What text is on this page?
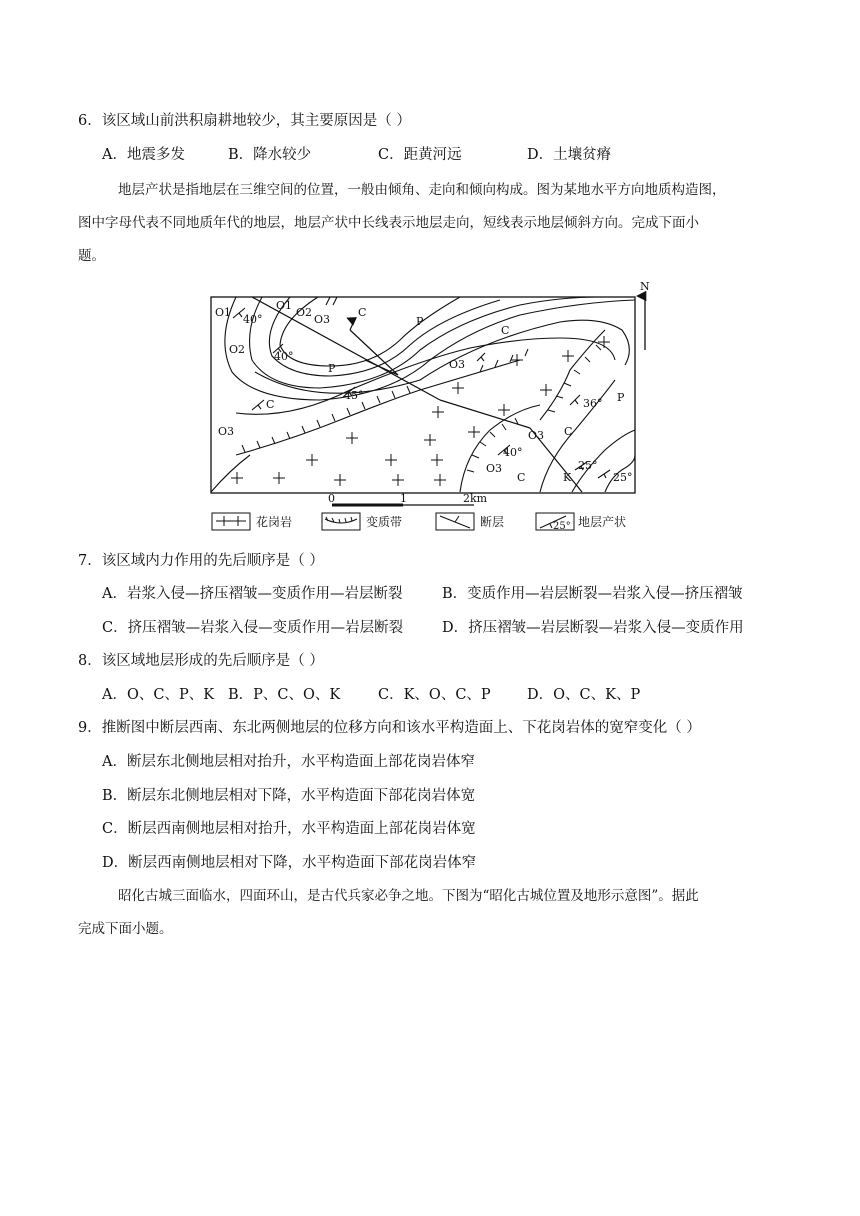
6．该区域山前洪积扇耕地较少，其主要原因是（ ）
A．地震多发	B．降水较少	C．距黄河远	D．土壤贫瘠
地层产状是指地层在三维空间的位置，一般由倾角、走向和倾向构成。图为某地水平方向地质构造图，
图中字母代表不同地质年代的地层，地层产状中长线表示地层走向，短线表示地层倾斜方向。完成下面小
题。
N
O1
O1
O2
O2
O3
O3
O3
O3
O3
P
P
P
C
C
C
C
C	K
40°
40°
45°
36°
40°
25°
25°
0	1	2km
花岗岩	变质带	断层	25° 地层产状
7．该区域内力作用的先后顺序是（ ）
A．岩浆入侵—挤压褶皱—变质作用—岩层断裂	B．变质作用—岩层断裂—岩浆入侵—挤压褶皱
C．挤压褶皱—岩浆入侵—变质作用—岩层断裂	D．挤压褶皱—岩层断裂—岩浆入侵—变质作用
8．该区域地层形成的先后顺序是（ ）
A．O、C、P、K B．P、C、O、K	C．K、O、C、P	D．O、C、K、P
9．推断图中断层西南、东北两侧地层的位移方向和该水平构造面上、下花岗岩体的宽窄变化（ ）
A．断层东北侧地层相对抬升，水平构造面上部花岗岩体窄
B．断层东北侧地层相对下降，水平构造面下部花岗岩体宽
C．断层西南侧地层相对抬升，水平构造面上部花岗岩体宽
D．断层西南侧地层相对下降，水平构造面下部花岗岩体窄
昭化古城三面临水，四面环山，是古代兵家必争之地。下图为“昭化古城位置及地形示意图”。据此
完成下面小题。
